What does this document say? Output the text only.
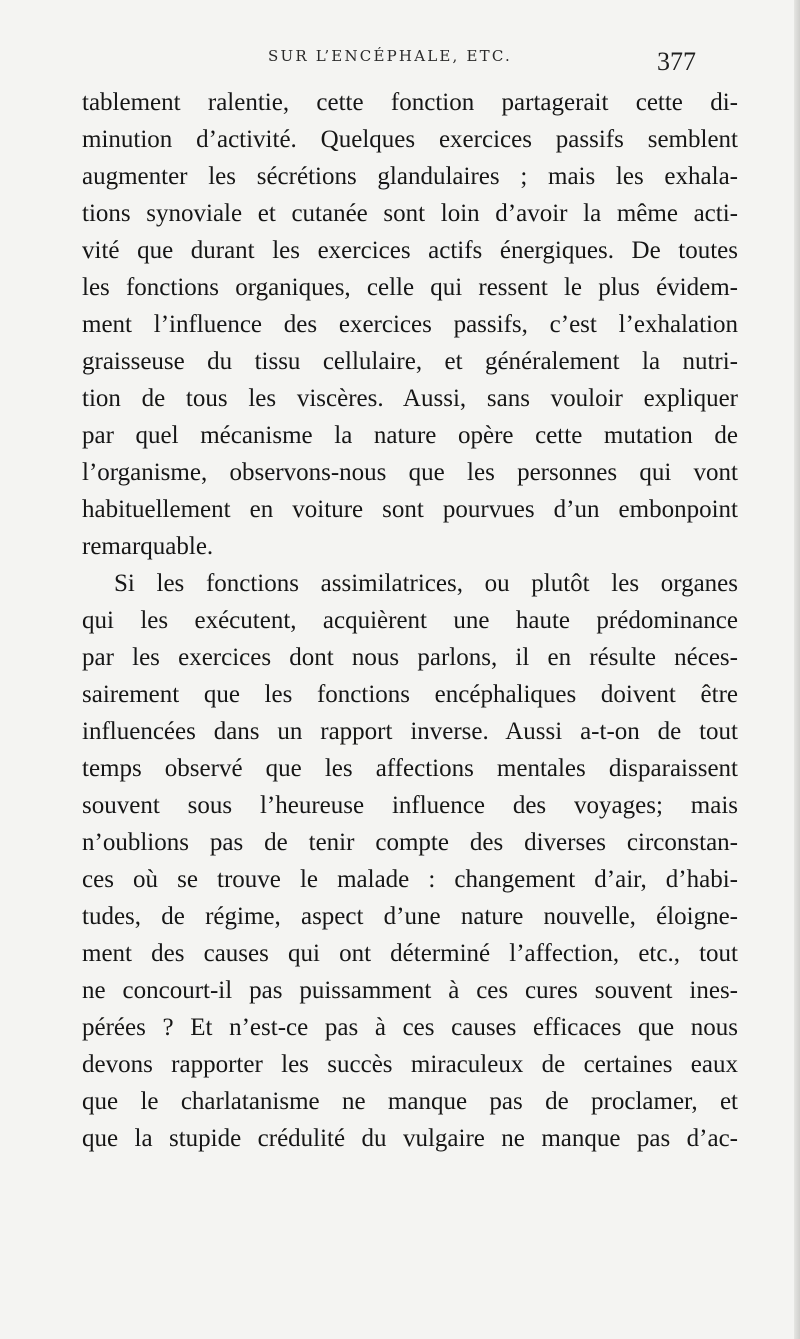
SUR L’ENCÉPHALE, ETC.	377
tablement ralentie, cette fonction partagerait cette di-
minution d’activité. Quelques exercices passifs semblent
augmenter les sécrétions glandulaires ; mais les exhala-
tions synoviale et cutanée sont loin d’avoir la même acti-
vité que durant les exercices actifs énergiques. De toutes
les fonctions organiques, celle qui ressent le plus évidem-
ment l’influence des exercices passifs, c’est l’exhalation
graisseuse du tissu cellulaire, et généralement la nutri-
tion de tous les viscères. Aussi, sans vouloir expliquer
par quel mécanisme la nature opère cette mutation de
l’organisme, observons-nous que les personnes qui vont
habituellement en voiture sont pourvues d’un embonpoint
remarquable.
Si les fonctions assimilatrices, ou plutôt les organes
qui les exécutent, acquièrent une haute prédominance
par les exercices dont nous parlons, il en résulte néces-
sairement que les fonctions encéphaliques doivent être
influencées dans un rapport inverse. Aussi a-t-on de tout
temps observé que les affections mentales disparaissent
souvent sous l’heureuse influence des voyages; mais
n’oublions pas de tenir compte des diverses circonstan-
ces où se trouve le malade : changement d’air, d’habi-
tudes, de régime, aspect d’une nature nouvelle, éloigne-
ment des causes qui ont déterminé l’affection, etc., tout
ne concourt-il pas puissamment à ces cures souvent ines-
pérées ? Et n’est-ce pas à ces causes efficaces que nous
devons rapporter les succès miraculeux de certaines eaux
que le charlatanisme ne manque pas de proclamer, et
que la stupide crédulité du vulgaire ne manque pas d’ac-
